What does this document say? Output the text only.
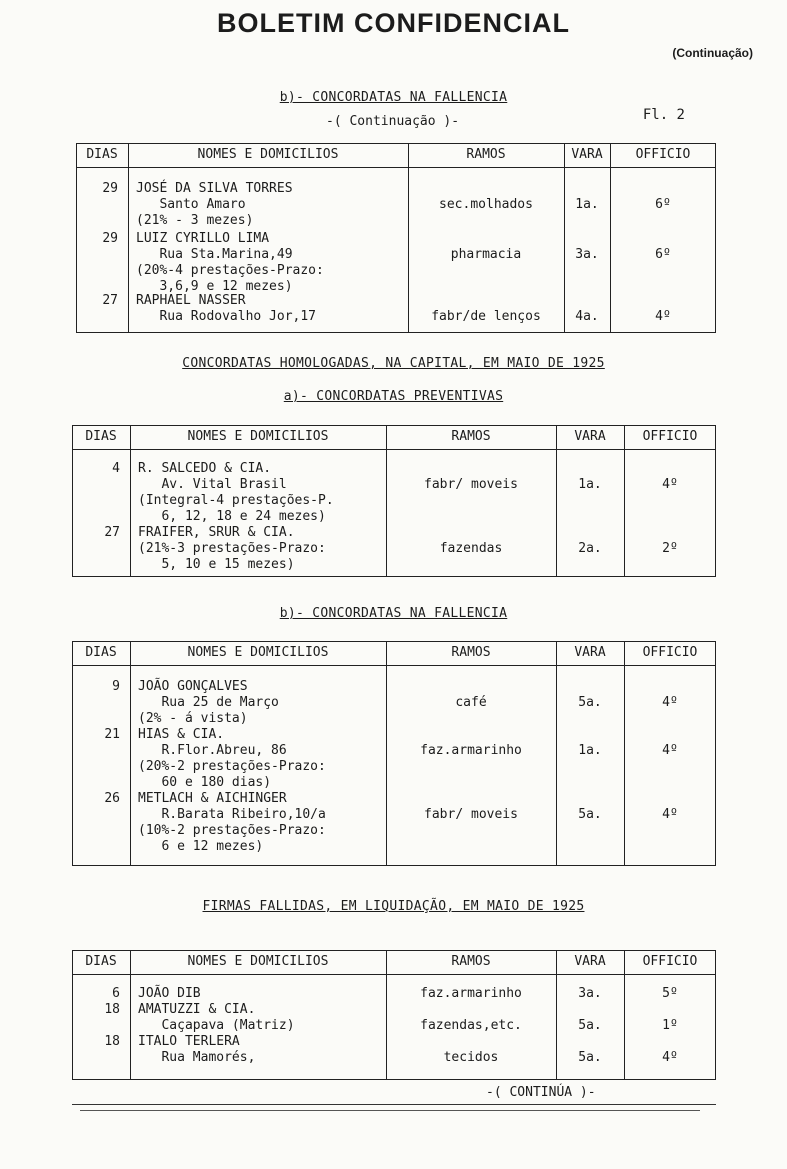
BOLETIM CONFIDENCIAL
(Continuação)
b)- CONCORDATAS NA FALLENCIA
-( Continuação )-	Fl. 2
DIAS	NOMES E DOMICILIOS	RAMOS	VARA	OFFICIO
29 JOSÉ DA SILVA TORRES
Santo Amaro
(21% - 3 mezes)
sec.molhados	1a.	6º
29 LUIZ CYRILLO LIMA
Rua Sta.Marina,49
(20%-4 prestações-Prazo:
3,6,9 e 12 mezes)
pharmacia	3a.	6º
27 RAPHAEL NASSER
Rua Rodovalho Jor,17	fabr/de lenços	4a.	4º
CONCORDATAS HOMOLOGADAS, NA CAPITAL, EM MAIO DE 1925
a)- CONCORDATAS PREVENTIVAS
DIAS	NOMES E DOMICILIOS	RAMOS	VARA	OFFICIO
4 R. SALCEDO & CIA.
Av. Vital Brasil
(Integral-4 prestações-P.
6, 12, 18 e 24 mezes)
fabr/ moveis	1a.	4º
27 FRAIFER, SRUR & CIA.
(21%-3 prestações-Prazo:
5, 10 e 15 mezes)
fazendas	2a.	2º
b)- CONCORDATAS NA FALLENCIA
DIAS	NOMES E DOMICILIOS	RAMOS	VARA	OFFICIO
9 JOÃO GONÇALVES
Rua 25 de Março
(2% - á vista)
café	5a.	4º
21 HIAS & CIA.
R.Flor.Abreu, 86
(20%-2 prestações-Prazo:
60 e 180 dias)
faz.armarinho	1a.	4º
26 METLACH & AICHINGER
R.Barata Ribeiro,10/a
(10%-2 prestações-Prazo:
6 e 12 mezes)
fabr/ moveis	5a.	4º
FIRMAS FALLIDAS, EM LIQUIDAÇÃO, EM MAIO DE 1925
DIAS	NOMES E DOMICILIOS	RAMOS	VARA	OFFICIO
6 JOÃO DIB	faz.armarinho	3a.	5º
18 AMATUZZI & CIA.
Caçapava (Matriz)	fazendas,etc.	5a.	1º
18 ITALO TERLERA
Rua Mamorés,	tecidos	5a.	4º
-( CONTINÚA )-
